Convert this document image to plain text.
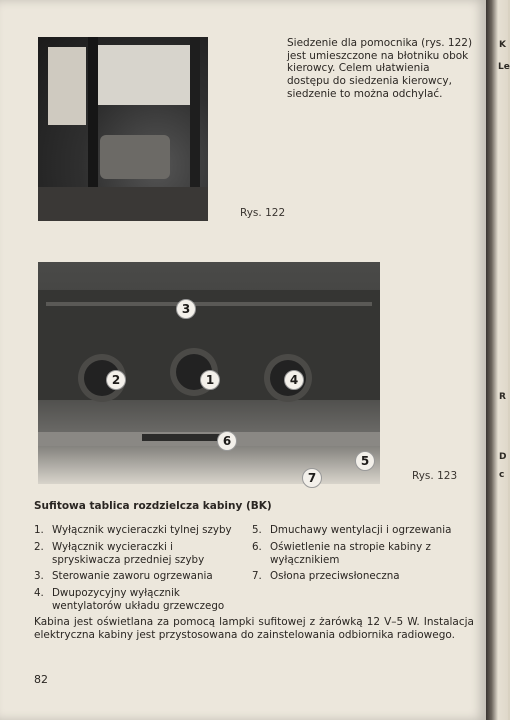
Rys. 122
Siedzenie dla pomocnika (rys. 122) jest umieszczone na błotniku obok kierowcy. Celem ułatwienia dostępu do siedzenia kierowcy, siedzenie to można odchylać.
1
2
3
4
5
6
7	Rys. 123
Sufitowa tablica rozdzielcza kabiny (BK)
1. Wyłącznik wycieraczki tylnej szyby
2. Wyłącznik wycieraczki i spryskiwacza przedniej szyby
3. Sterowanie zaworu ogrzewania
4. Dwupozycyjny wyłącznik wentylatorów układu grzewczego
5. Dmuchawy wentylacji i ogrzewania
6. Oświetlenie na stropie kabiny z wyłącznikiem
7. Osłona przeciwsłoneczna
Kabina jest oświetlana za pomocą lampki sufitowej z żarówką 12 V–5 W. Instalacja elektryczna kabiny jest przystosowana do zainstelowania odbiornika radiowego.
82
K
Le
R
D
c
